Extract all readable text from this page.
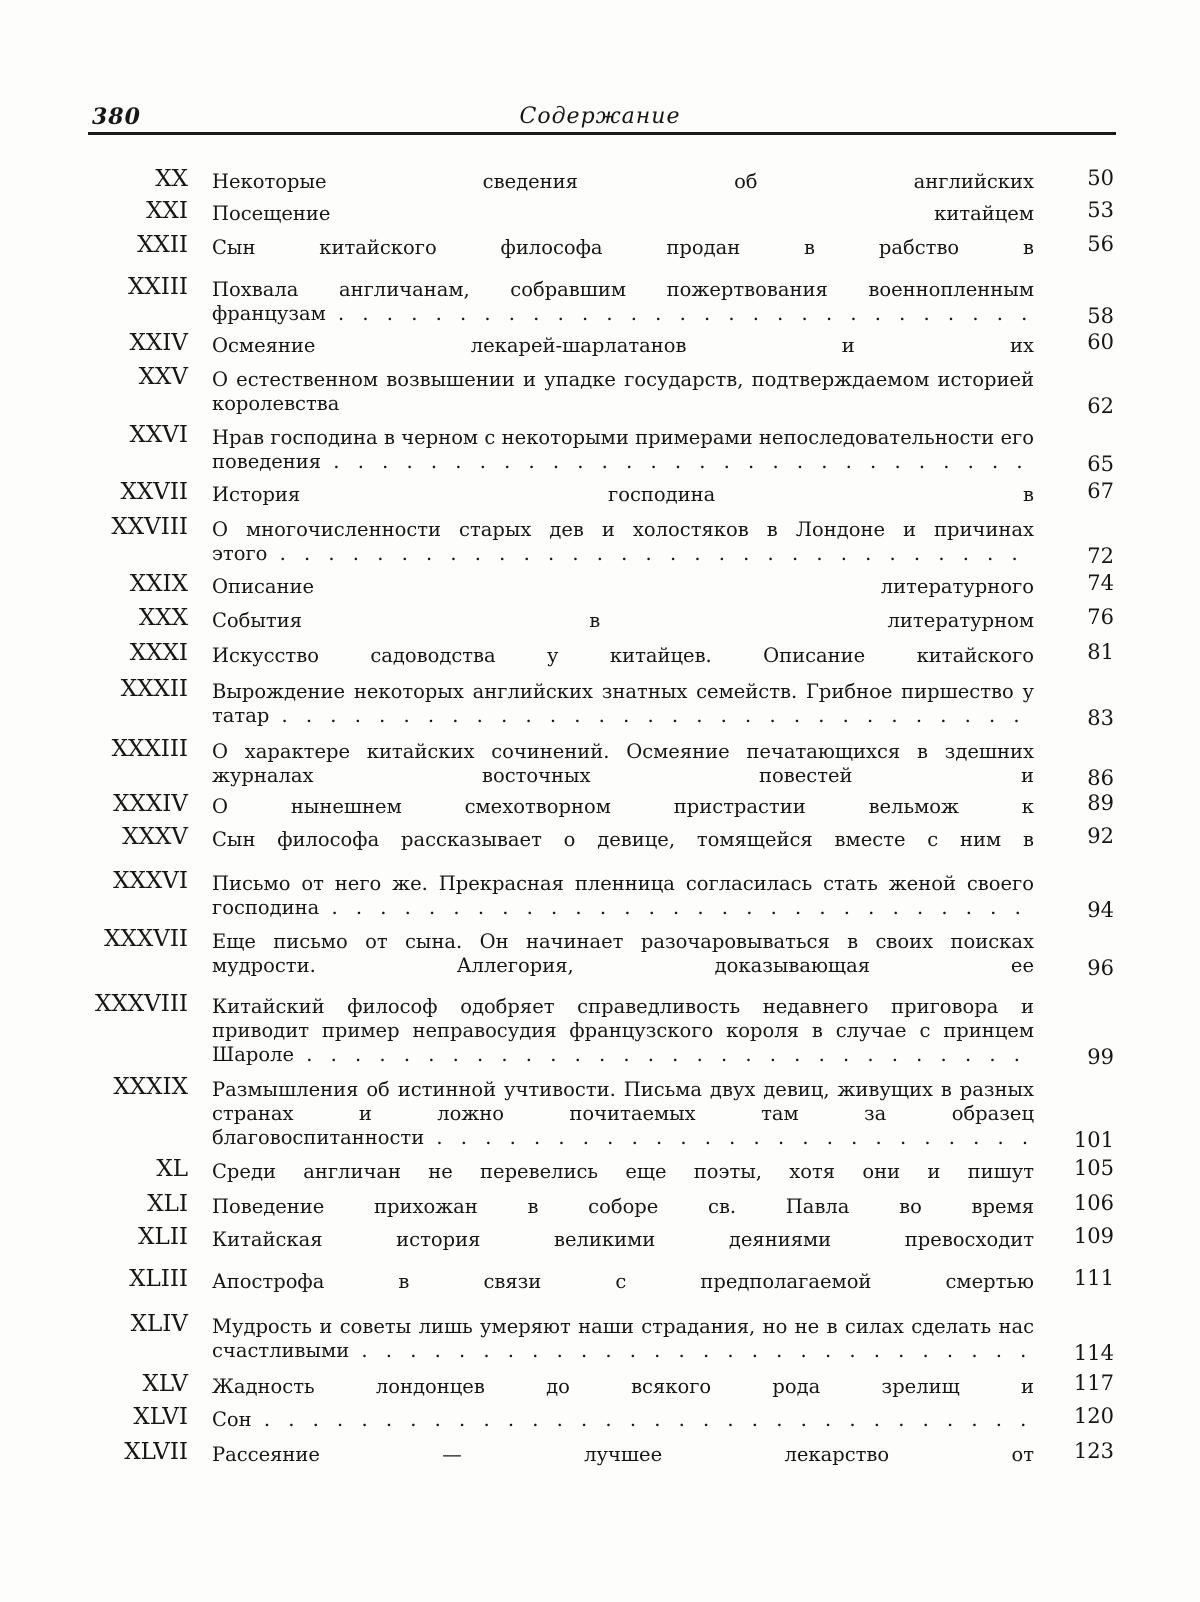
380	Содержание
XX Некоторые сведения об английских . . .	50
XXI Посещение китайцем . . .	53
XXII Сын китайского философа продан в рабство в . . .	56
XXIII Похвала англичанам, собравшим пожертвования военнопленным французам . . .	58
XXIV Осмеяние лекарей-шарлатанов и их . . .	60
XXV О естественном возвышении и упадке государств, подтверждаемом историей королевства . . .	62
XXVI Нрав господина в черном с некоторыми примерами непоследовательности его поведения . . .	65
XXVII История господина в . . .	67
XXVIII О многочисленности старых дев и холостяков в Лондоне и причинах этого . . .	72
XXIX Описание литературного . . .	74
XXX События в литературном . . .	76
XXXI Искусство садоводства у китайцев. Описание китайского . . .	81
XXXII Вырождение некоторых английских знатных семейств. Грибное пиршество у татар . . .	83
XXXIII О характере китайских сочинений. Осмеяние печатающихся в здешних журналах восточных повестей и . . .	86
XXXIV О нынешнем смехотворном пристрастии вельмож к . . .	89
XXXV Сын философа рассказывает о девице, томящейся вместе с ним в . . .	92
XXXVI Письмо от него же. Прекрасная пленница согласилась стать женой своего господина . . .	94
XXXVII Еще письмо от сына. Он начинает разочаровываться в своих поисках мудрости. Аллегория, доказывающая ее . . .	96
XXXVIII Китайский философ одобряет справедливость недавнего приговора и приводит пример неправосудия французского короля в случае с принцем Шароле . . .	99
XXXIX Размышления об истинной учтивости. Письма двух девиц, живущих в разных странах и ложно почитаемых там за образец благовоспитанности . . .	101
XL Среди англичан не перевелись еще поэты, хотя они и пишут . . . 105
XLI Поведение прихожан в соборе св. Павла во время . . . 106
XLII Китайская история великими деяниями превосходит . . . 109
XLIII Апострофа в связи с предполагаемой смертью . . . 111
XLIV Мудрость и советы лишь умеряют наши страдания, но не в силах сделать нас счастливыми . . .	114
XLV Жадность лондонцев до всякого рода зрелищ и . . . 117
XLVI Сон . . .	120
XLVII Рассеяние — лучшее лекарство от . . . 123
